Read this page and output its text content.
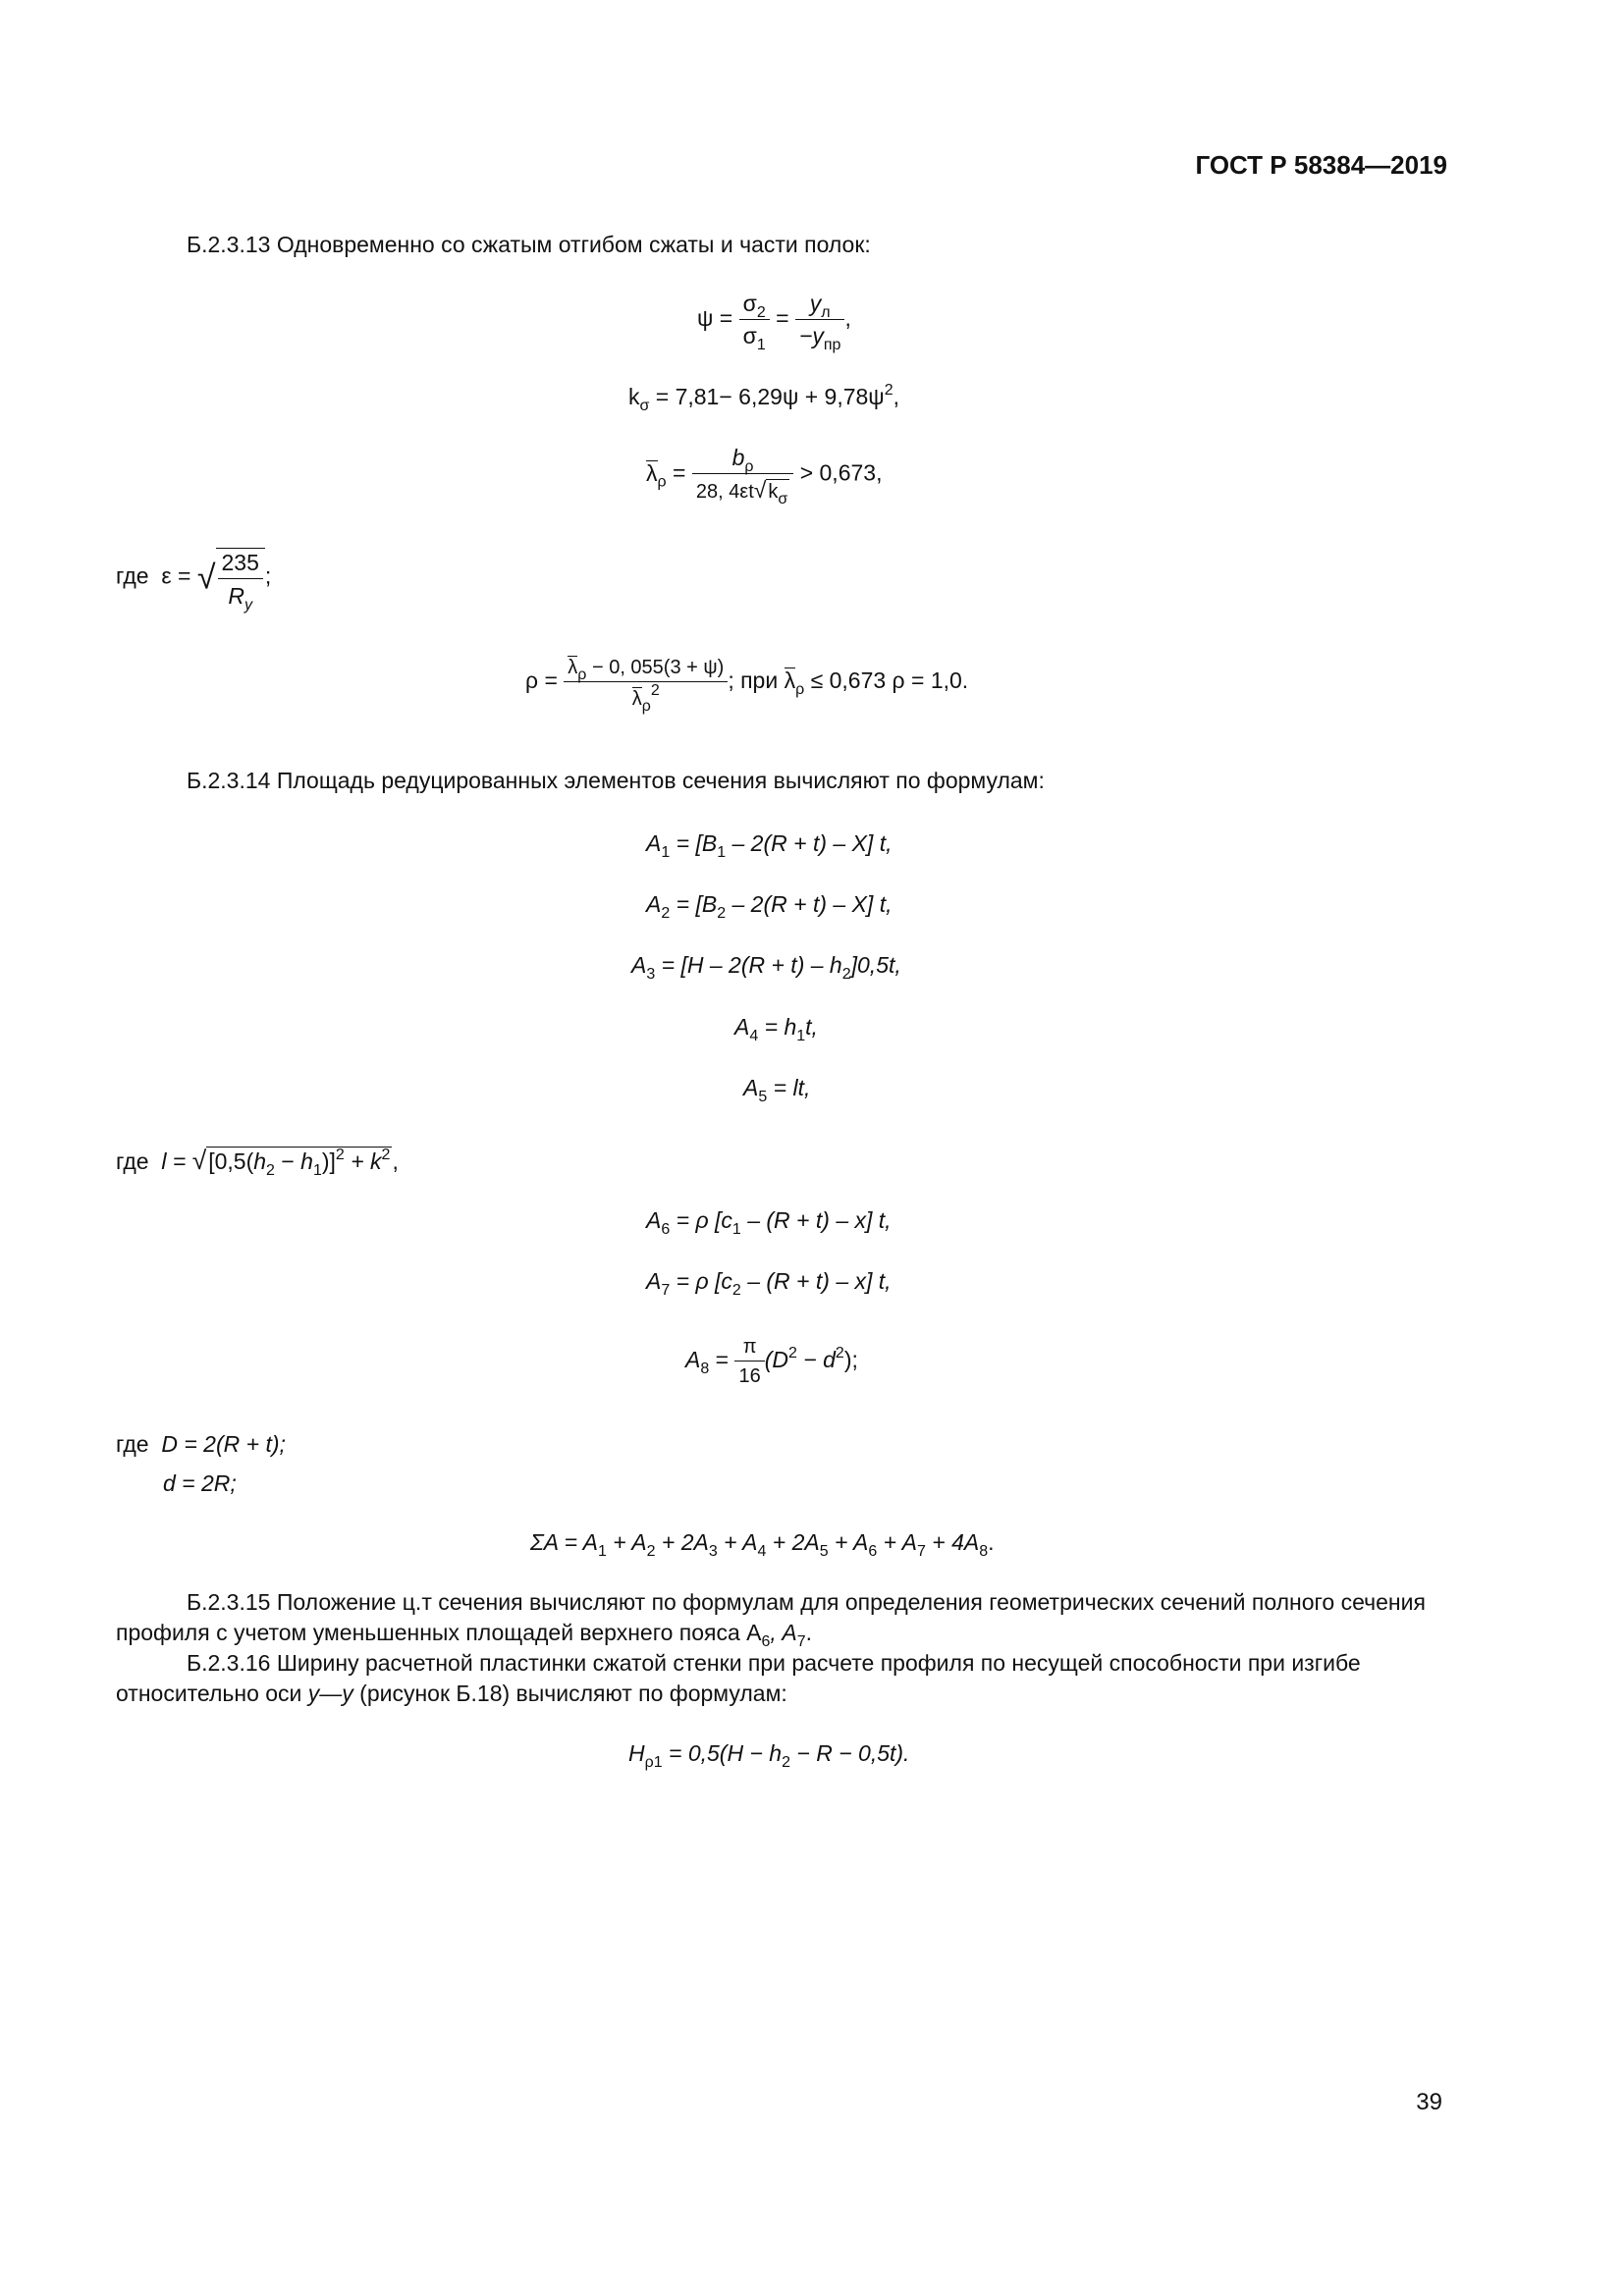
ГОСТ Р 58384—2019
Б.2.3.13 Одновременно со сжатым отгибом сжаты и части полок:
$\psi = \frac{\sigma_2}{\sigma_1} = \frac{y_л}{-y_{пр}}$ ,
$k_\sigma = 7,81- 6,29\psi + 9,78\psi^2$,
$\lambda_\rho = \frac{b_\rho}{28, 4\varepsilon t√ k_\sigma} > 0,673$,
где ε = √ $\frac{235}{R_y}$ ;
$\rho = \frac{\lambda_\rho - 0, 055(3 + \psi)}{\lambda_\rho^2}$ ; при $\lambda_\rho \le 0,673$ ρ = 1,0.
Б.2.3.14 Площадь редуцированных элементов сечения вычисляют по формулам:
$A_1 = [B_1 - 2(R + t) - X]$ t,
$A_2 = [B_2 - 2(R + t) - X]$ t,
$A_3 = [H - 2(R + t) - h_2]0,5t$,
$A_4 = h_1t$,
$A_5$ = lt,
где $l = √[0,5(h_2 - h_1)]^2 + k^2$,
$A_6 = \rho$ $[c_1 - (R + t) - x]$ t,
$A_7 = \rho$ $[c_2 - (R + t) - x]$ t,
$A_8 = \frac{\pi}{16} (D^2 - d^2)$;
где D = 2(R + t);
d = 2R;
$\Sigma A = A_1 + A_2 + 2A_3 + A_4 + 2A_5 + A_6 + A_7 + 4A_8$.
Б.2.3.15 Положение ц.т сечения вычисляют по формулам для определения геометрических сечений полного сечения профиля с учетом уменьшенных площадей верхнего пояса $A_6$, $A_7$.
Б.2.3.16 Ширину расчетной пластинки сжатой стенки при расчете профиля по несущей способности при изгибе относительно оси y—y (рисунок Б.18) вычисляют по формулам:
$H_{\rho 1} = 0,5(H - h_2 - R - 0,5t)$.
39
